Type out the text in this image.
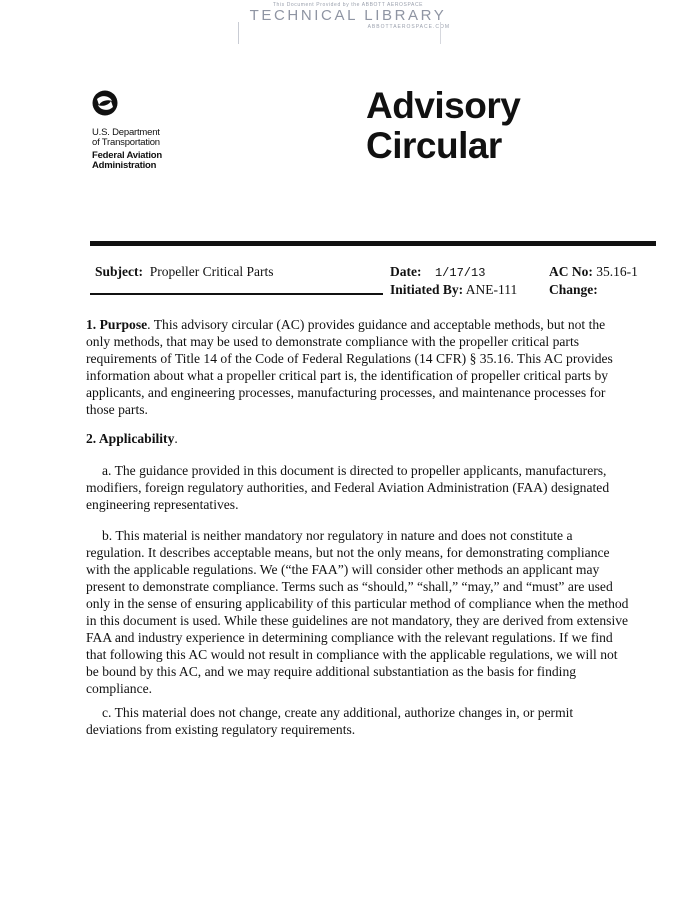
This Document Provided by the ABBOTT AEROSPACE
TECHNICAL LIBRARY
ABBOTTAEROSPACE.COM
U.S. Department
of Transportation
Federal Aviation
Administration
Advisory
Circular
Subject: Propeller Critical Parts	Date: 1/17/13
Initiated By: ANE-111
AC No: 35.16-1
Change:
1. Purpose. This advisory circular (AC) provides guidance and acceptable methods, but not the only methods, that may be used to demonstrate compliance with the propeller critical parts requirements of Title 14 of the Code of Federal Regulations (14 CFR) § 35.16. This AC provides information about what a propeller critical part is, the identification of propeller critical parts by applicants, and engineering processes, manufacturing processes, and maintenance processes for those parts.
2. Applicability.
a. The guidance provided in this document is directed to propeller applicants, manufacturers, modifiers, foreign regulatory authorities, and Federal Aviation Administration (FAA) designated engineering representatives.
b. This material is neither mandatory nor regulatory in nature and does not constitute a regulation. It describes acceptable means, but not the only means, for demonstrating compliance with the applicable regulations. We (“the FAA”) will consider other methods an applicant may present to demonstrate compliance. Terms such as “should,” “shall,” “may,” and “must” are used only in the sense of ensuring applicability of this particular method of compliance when the method in this document is used. While these guidelines are not mandatory, they are derived from extensive FAA and industry experience in determining compliance with the relevant regulations. If we find that following this AC would not result in compliance with the applicable regulations, we will not be bound by this AC, and we may require additional substantiation as the basis for finding compliance.
c. This material does not change, create any additional, authorize changes in, or permit deviations from existing regulatory requirements.
